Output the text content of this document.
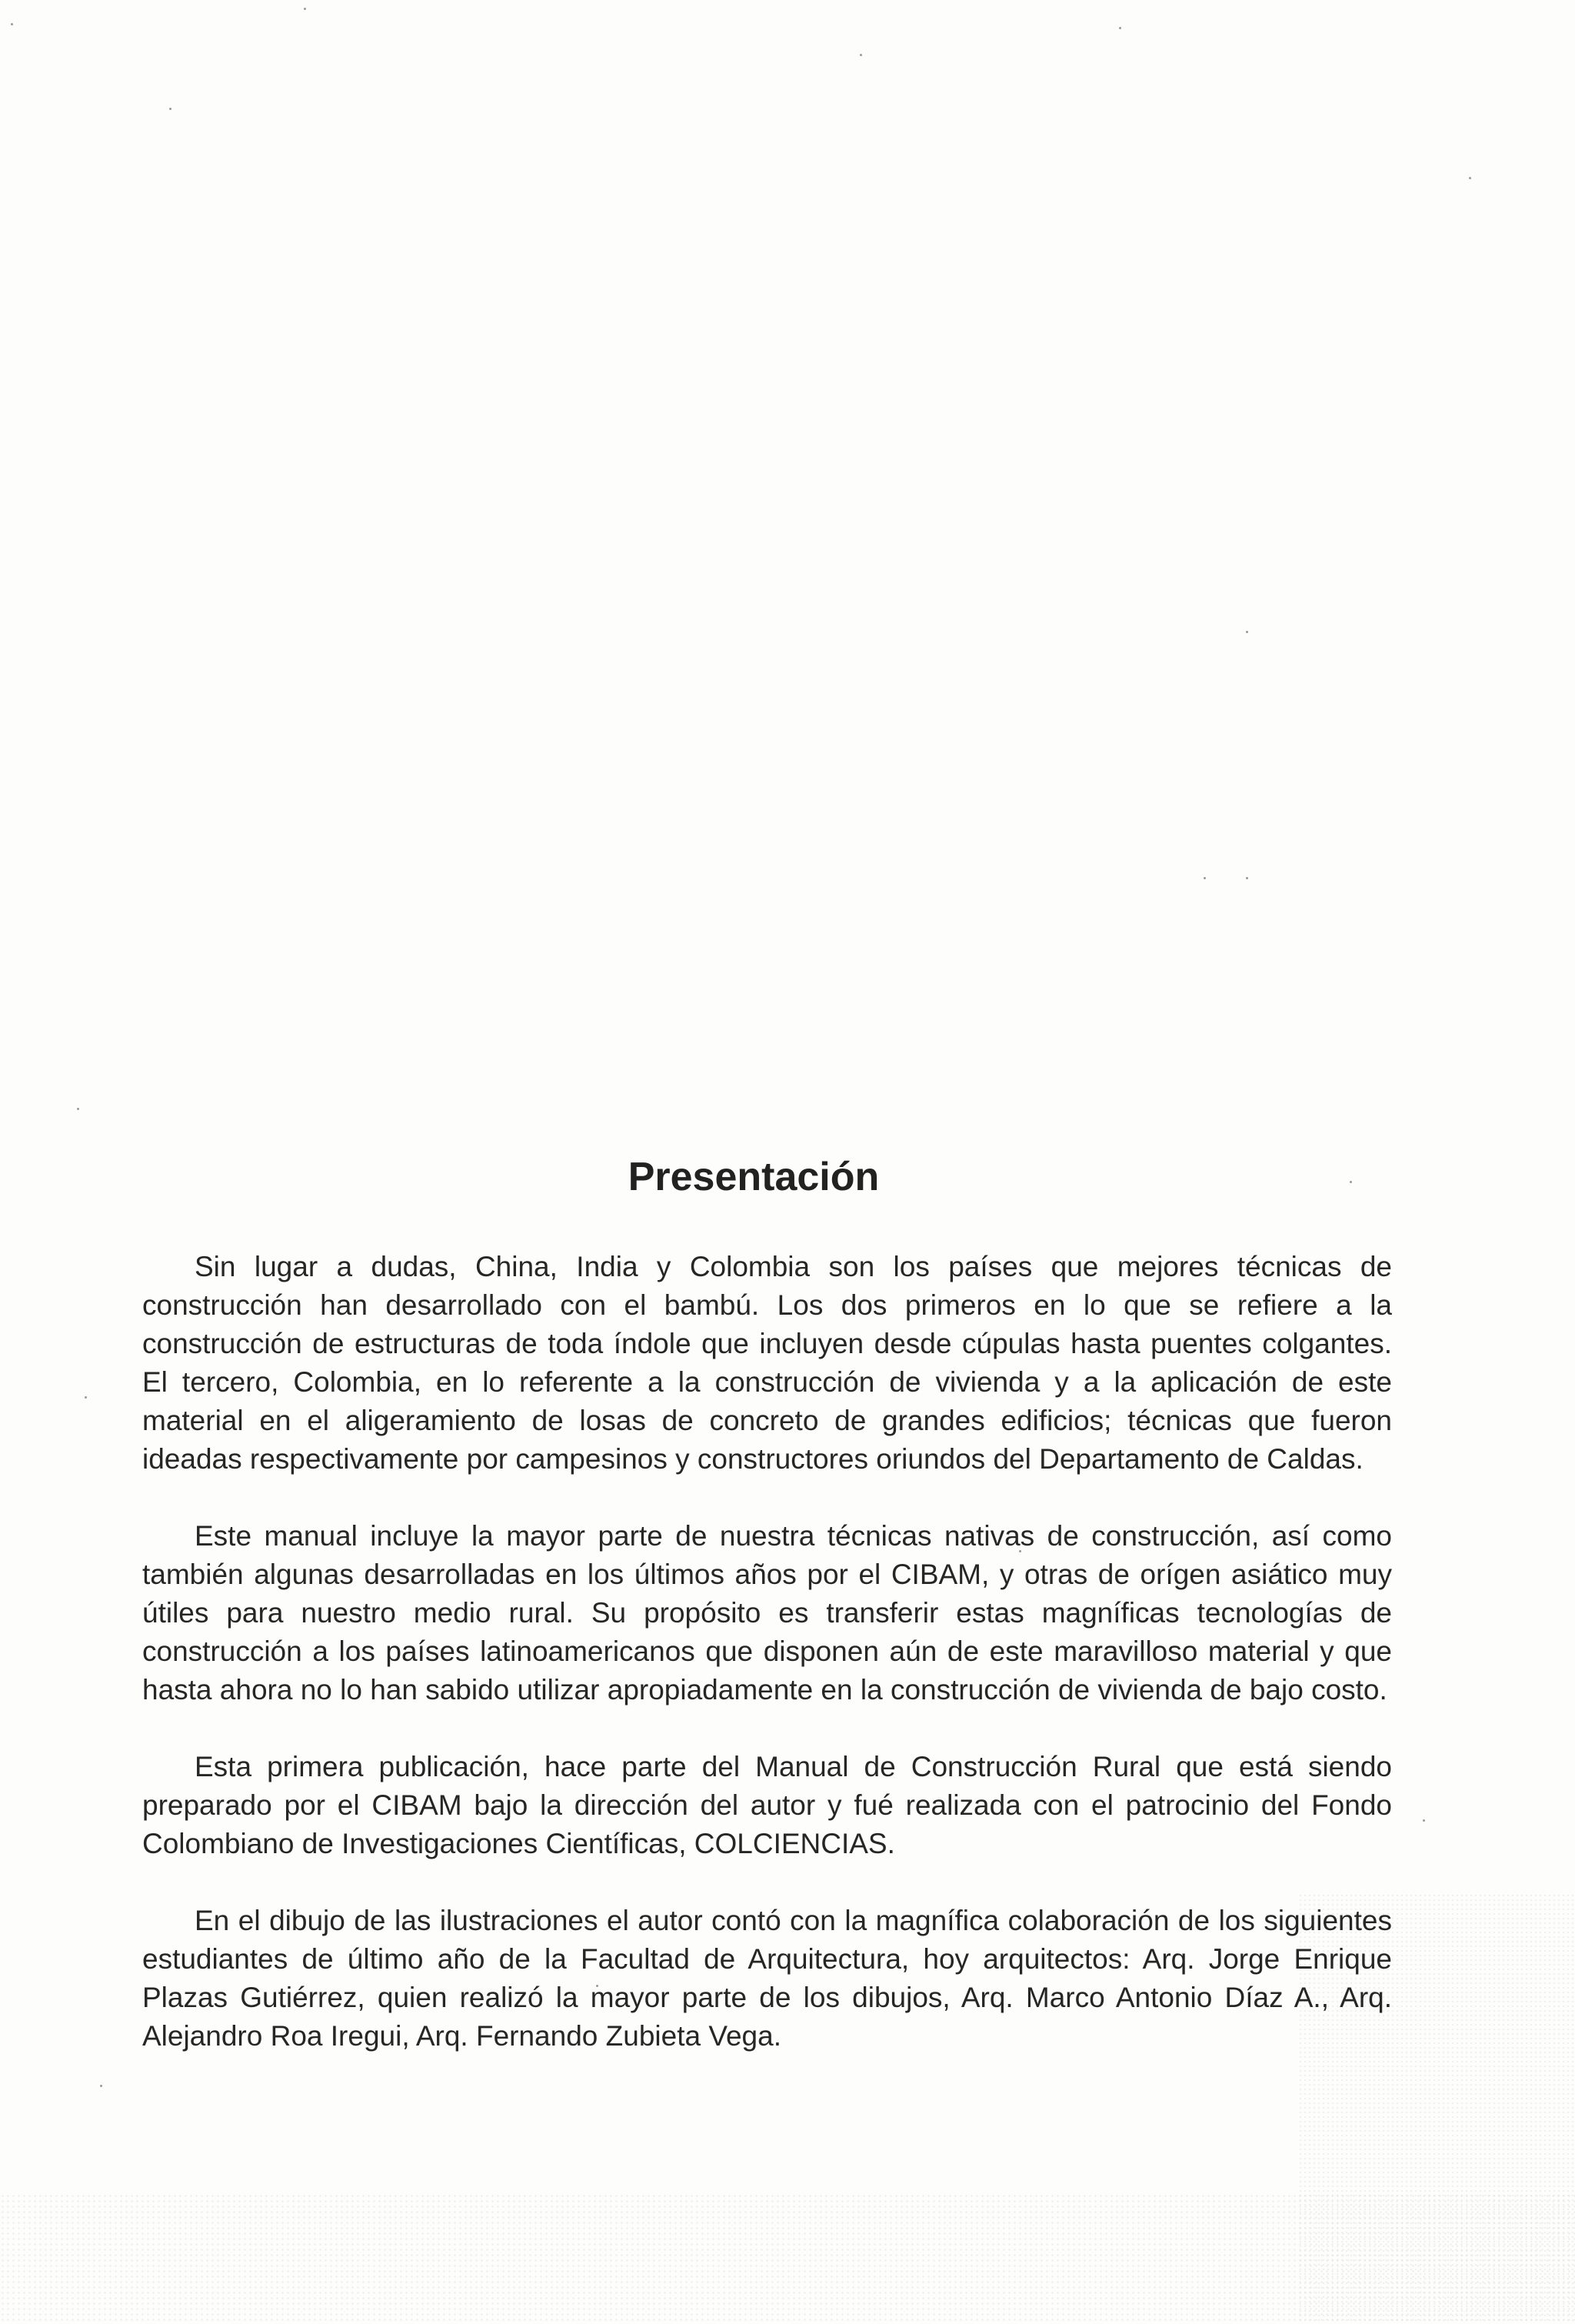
Presentación

Sin lugar a dudas, China, India y Colombia son los países que mejores técnicas de construcción han desarrollado con el bambú. Los dos primeros en lo que se refiere a la construcción de estructuras de toda índole que incluyen desde cúpulas hasta puentes colgantes. El tercero, Colombia, en lo referente a la construcción de vivienda y a la aplicación de este material en el aligeramiento de losas de concreto de grandes edificios; técnicas que fueron ideadas respectivamente por campesinos y constructores oriundos del Departamento de Caldas.

Este manual incluye la mayor parte de nuestra técnicas nativas de construcción, así como también algunas desarrolladas en los últimos años por el CIBAM, y otras de orígen asiático muy útiles para nuestro medio rural. Su propósito es transferir estas magníficas tecnologías de construcción a los países latinoamericanos que disponen aún de este maravilloso material y que hasta ahora no lo han sabido utilizar apropiadamente en la construcción de vivienda de bajo costo.

Esta primera publicación, hace parte del Manual de Construcción Rural que está siendo preparado por el CIBAM bajo la dirección del autor y fué realizada con el patrocinio del Fondo Colombiano de Investigaciones Científicas, COLCIENCIAS.

En el dibujo de las ilustraciones el autor contó con la magnífica colaboración de los siguientes estudiantes de último año de la Facultad de Arquitectura, hoy arquitectos: Arq. Jorge Enrique Plazas Gutiérrez, quien realizó la mayor parte de los dibujos, Arq. Marco Antonio Díaz A., Arq. Alejandro Roa Iregui, Arq. Fernando Zubieta Vega.
